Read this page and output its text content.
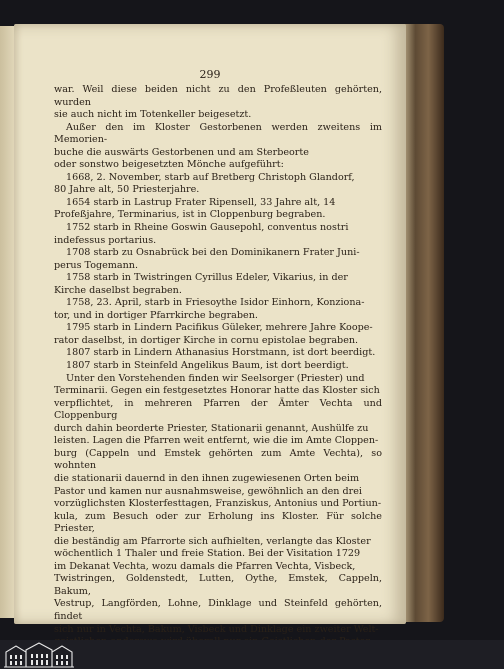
299

war. Weil diese beiden nicht zu den Profeßleuten gehörten, wurden

sie auch nicht im Totenkeller beigesetzt.

Außer den im Kloster Gestorbenen werden zweitens im Memorien-

buche die auswärts Gestorbenen und am Sterbeorte

oder sonstwo beigesetzten Mönche aufgeführt:

1668, 2. November, starb auf Bretberg Christoph Glandorf,

80 Jahre alt, 50 Priesterjahre.

1654 starb in Lastrup Frater Ripensell, 33 Jahre alt, 14

Profeßjahre, Terminarius, ist in Cloppenburg begraben.

1752 starb in Rheine Goswin Gausepohl, conventus nostri

indefessus portarius.

1708 starb zu Osnabrück bei den Dominikanern Frater Juni-

perus Togemann.

1758 starb in Twistringen Cyrillus Edeler, Vikarius, in der

Kirche daselbst begraben.

1758, 23. April, starb in Friesoythe Isidor Einhorn, Konziona-

tor, und in dortiger Pfarrkirche begraben.

1795 starb in Lindern Pacifikus Güleker, mehrere Jahre Koope-

rator daselbst, in dortiger Kirche in cornu epistolae begraben.

1807 starb in Lindern Athanasius Horstmann, ist dort beerdigt.

1807 starb in Steinfeld Angelikus Baum, ist dort beerdigt.

Unter den Vorstehenden finden wir Seelsorger (Priester) und

Terminarii. Gegen ein festgesetztes Honorar hatte das Kloster sich

verpflichtet, in mehreren Pfarren der Ämter Vechta und Cloppenburg

durch dahin beorderte Priester, Stationarii genannt, Aushülfe zu

leisten. Lagen die Pfarren weit entfernt, wie die im Amte Cloppen-

burg (Cappeln und Emstek gehörten zum Amte Vechta), so wohnten

die stationarii dauernd in den ihnen zugewiesenen Orten beim

Pastor und kamen nur ausnahmsweise, gewöhnlich an den drei

vorzüglichsten Klosterfesttagen, Franziskus, Antonius und Portiun-

kula, zum Besuch oder zur Erholung ins Kloster. Für solche Priester,

die beständig am Pfarrorte sich aufhielten, verlangte das Kloster

wöchentlich 1 Thaler und freie Station. Bei der Visitation 1729

im Dekanat Vechta, wozu damals die Pfarren Vechta, Visbeck,

Twistringen, Goldenstedt, Lutten, Oythe, Emstek, Cappeln, Bakum,

Vestrup, Langförden, Lohne, Dinklage und Steinfeld gehörten, findet

sich nur in Vechta, Bakum, Visbeck und Dinklage ein zweiter Welt-
